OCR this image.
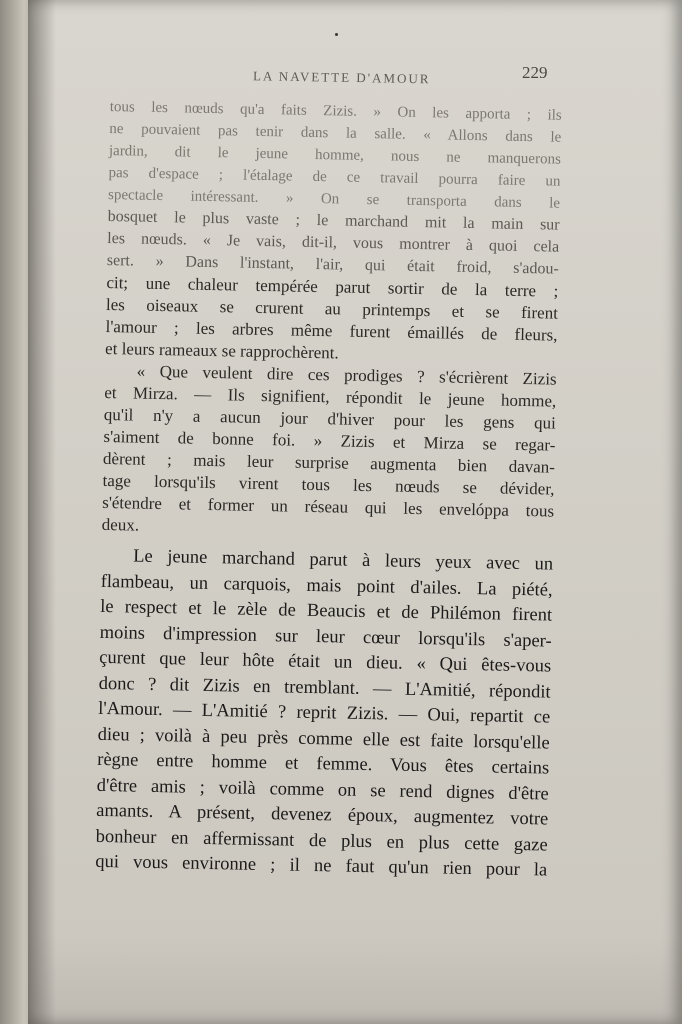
LA NAVETTE D'AMOUR	229
tous les nœuds qu'a faits Zizis. » On les apporta ; ils
ne pouvaient pas tenir dans la salle. « Allons dans le
jardin, dit le jeune homme, nous ne manquerons
pas d'espace ; l'étalage de ce travail pourra faire un
spectacle intéressant. » On se transporta dans le
bosquet le plus vaste ; le marchand mit la main sur
les nœuds. « Je vais, dit-il, vous montrer à quoi cela
sert. » Dans l'instant, l'air, qui était froid, s'adou-
cit; une chaleur tempérée parut sortir de la terre ;
les oiseaux se crurent au printemps et se firent
l'amour ; les arbres même furent émaillés de fleurs,
et leurs rameaux se rapprochèrent.
« Que veulent dire ces prodiges ? s'écrièrent Zizis
et Mirza. — Ils signifient, répondit le jeune homme,
qu'il n'y a aucun jour d'hiver pour les gens qui
s'aiment de bonne foi. » Zizis et Mirza se regar-
dèrent ; mais leur surprise augmenta bien davan-
tage lorsqu'ils virent tous les nœuds se dévider,
s'étendre et former un réseau qui les envelóppa tous
deux.
Le jeune marchand parut à leurs yeux avec un
flambeau, un carquois, mais point d'ailes. La piété,
le respect et le zèle de Beaucis et de Philémon firent
moins d'impression sur leur cœur lorsqu'ils s'aper-
çurent que leur hôte était un dieu. « Qui êtes-vous
donc ? dit Zizis en tremblant. — L'Amitié, répondit
l'Amour. — L'Amitié ? reprit Zizis. — Oui, repartit ce
dieu ; voilà à peu près comme elle est faite lorsqu'elle
règne entre homme et femme. Vous êtes certains
d'être amis ; voilà comme on se rend dignes d'être
amants. A présent, devenez époux, augmentez votre
bonheur en affermissant de plus en plus cette gaze
qui vous environne ; il ne faut qu'un rien pour la
